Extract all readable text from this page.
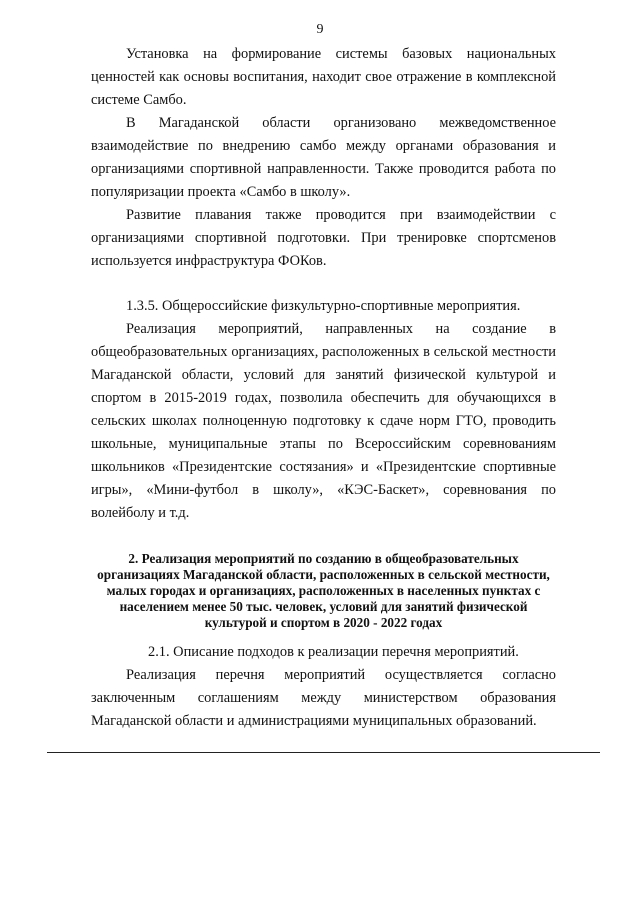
9

Установка на формирование системы базовых национальных ценностей как основы воспитания, находит свое отражение в комплексной системе Самбо.

В Магаданской области организовано межведомственное взаимодействие по внедрению самбо между органами образования и организациями спортивной направленности. Также проводится работа по популяризации проекта «Самбо в школу».

Развитие плавания также проводится при взаимодействии с организациями спортивной подготовки. При тренировке спортсменов используется инфраструктура ФОКов.

1.3.5. Общероссийские физкультурно-спортивные мероприятия.

Реализация мероприятий, направленных на создание в общеобразовательных организациях, расположенных в сельской местности Магаданской области, условий для занятий физической культурой и спортом в 2015-2019 годах, позволила обеспечить для обучающихся в сельских школах полноценную подготовку к сдаче норм ГТО, проводить школьные, муниципальные этапы по Всероссийским соревнованиям школьников «Президентские состязания» и «Президентские спортивные игры», «Мини-футбол в школу», «КЭС-Баскет», соревнования по волейболу и т.д.

2. Реализация мероприятий по созданию в общеобразовательных организациях Магаданской области, расположенных в сельской местности, малых городах и организациях, расположенных в населенных пунктах с населением менее 50 тыс. человек, условий для занятий физической культурой и спортом в 2020 - 2022 годах

2.1. Описание подходов к реализации перечня мероприятий.

Реализация перечня мероприятий осуществляется согласно заключенным соглашениям между министерством образования Магаданской области и администрациями муниципальных образований.
